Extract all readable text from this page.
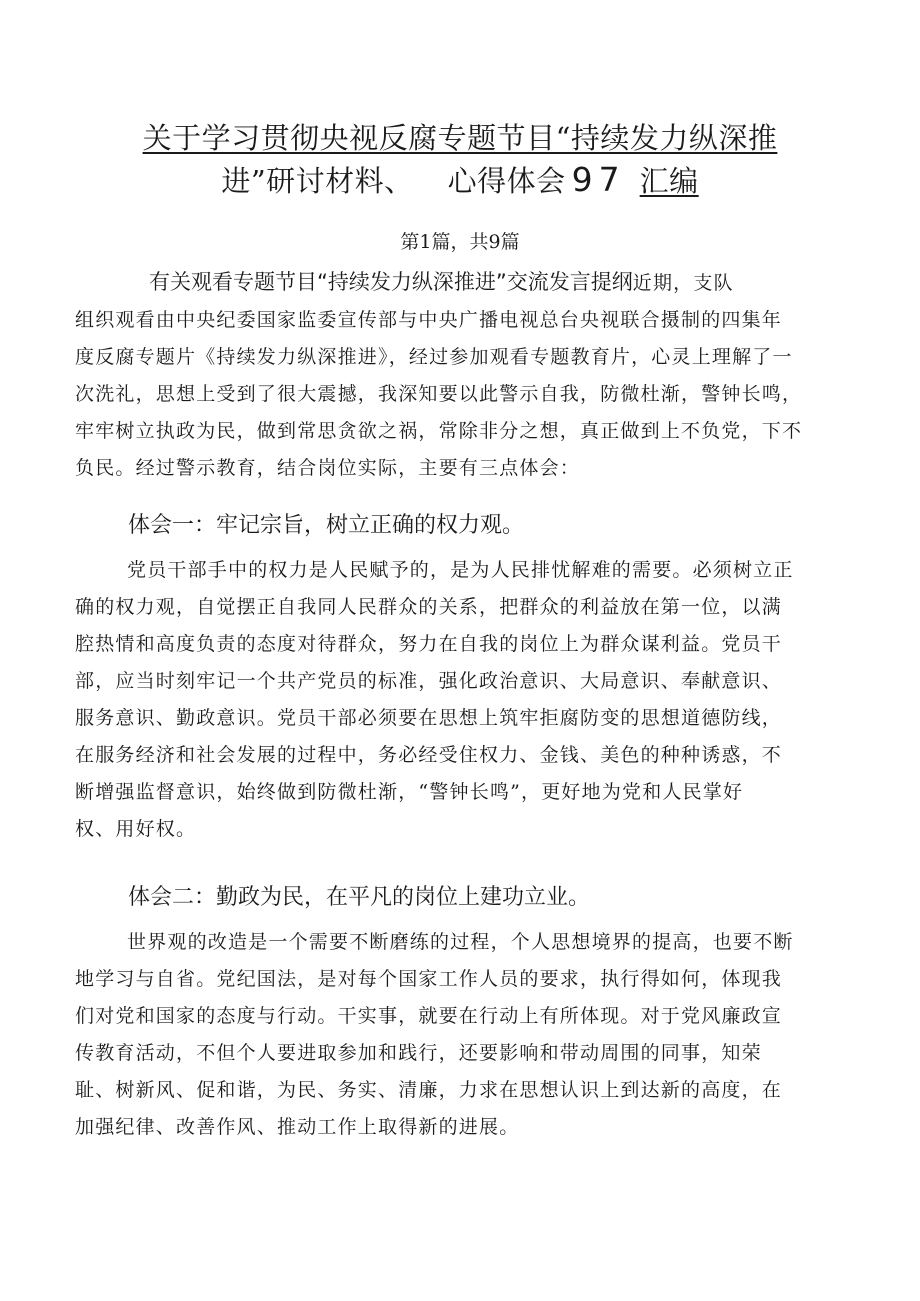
关于学习贯彻央视反腐专题节目“持续发力纵深推
进”研讨材料、 心得体会 97 汇编
第1篇，共9篇
有关观看专题节目“持续发力纵深推进”交流发言提纲近期，支队
组织观看由中央纪委国家监委宣传部与中央广播电视总台央视联合摄制的四集年
度反腐专题片《持续发力纵深推进》，经过参加观看专题教育片，心灵上理解了一
次洗礼，思想上受到了很大震撼，我深知要以此警示自我，防微杜渐，警钟长鸣，
牢牢树立执政为民，做到常思贪欲之祸，常除非分之想，真正做到上不负党，下不
负民。经过警示教育，结合岗位实际，主要有三点体会：
体会一：牢记宗旨，树立正确的权力观。
党员干部手中的权力是人民赋予的，是为人民排忧解难的需要。必须树立正
确的权力观，自觉摆正自我同人民群众的关系，把群众的利益放在第一位，以满
腔热情和高度负责的态度对待群众，努力在自我的岗位上为群众谋利益。党员干
部，应当时刻牢记一个共产党员的标准，强化政治意识、大局意识、奉献意识、
服务意识、勤政意识。党员干部必须要在思想上筑牢拒腐防变的思想道德防线，
在服务经济和社会发展的过程中，务必经受住权力、金钱、美色的种种诱惑，不
断增强监督意识，始终做到防微杜渐，“警钟长鸣”，更好地为党和人民掌好
权、用好权。
体会二：勤政为民，在平凡的岗位上建功立业。
世界观的改造是一个需要不断磨练的过程，个人思想境界的提高，也要不断
地学习与自省。党纪国法，是对每个国家工作人员的要求，执行得如何，体现我
们对党和国家的态度与行动。干实事，就要在行动上有所体现。对于党风廉政宣
传教育活动，不但个人要进取参加和践行，还要影响和带动周围的同事，知荣
耻、树新风、促和谐，为民、务实、清廉，力求在思想认识上到达新的高度，在
加强纪律、改善作风、推动工作上取得新的进展。
